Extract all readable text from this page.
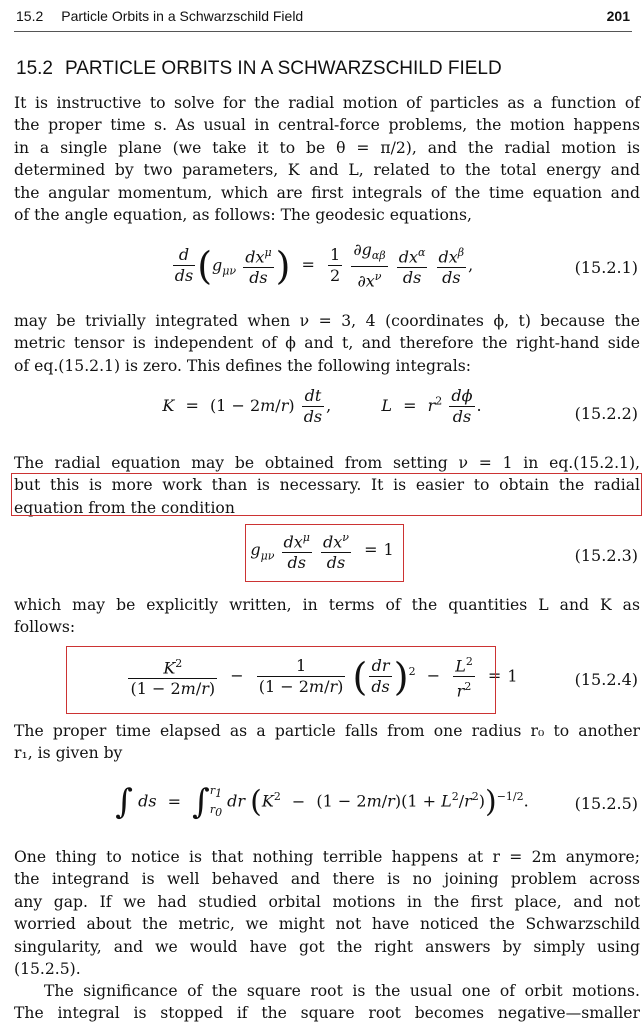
15.2 Particle Orbits in a Schwarzschild Field	201
15.2 PARTICLE ORBITS IN A SCHWARZSCHILD FIELD
It is instructive to solve for the radial motion of particles as a function of
the proper time s. As usual in central-force problems, the motion happens
in a single plane (we take it to be θ = π/2), and the radial motion is
determined by two parameters, K and L, related to the total energy and
the angular momentum, which are first integrals of the time equation and
of the angle equation, as follows: The geodesic equations,
$\frac{d}{ds} (g_{\mu\nu} \frac{dx^\mu}{ds}$ ) = $\frac{1}{2}$
$\frac{\partial g_{\alpha\beta}}{\partial x^\nu}$
$\frac{dx^\alpha}{ds}$
$\frac{dx^\beta}{ds}$ ,	(15.2.1)
may be trivially integrated when ν = 3, 4 (coordinates ϕ, t) because the
metric tensor is independent of ϕ and t, and therefore the right-hand side
of eq.(15.2.1) is zero. This defines the following integrals:
$K = (1 - 2m/r) \frac{dt}{ds}$ ,	$L = r^2 \frac{d\phi}{ds}$ .	(15.2.2)
The radial equation may be obtained from setting ν = 1 in eq.(15.2.1),
but this is more work than is necessary. It is easier to obtain the radial
equation from the condition
$g_{\mu\nu} \frac{dx^\mu}{ds}$
$\frac{dx^\nu}{ds} = 1$	(15.2.3)
which may be explicitly written, in terms of the quantities L and K as
follows:
$\frac{K^2}{(1 - 2m/r)} - \frac{1}{(1 - 2m/r)}$ ( $\frac{dr}{ds} )^2 - \frac{L^2}{r^2} = 1$	(15.2.4)
The proper time elapsed as a particle falls from one radius r₀ to another
r₁, is given by
∫ ds = ∫ r1
r0
dr $(K^2 - (1 - 2m/r)(1 + L^2/r^2))^{-1/2}$.	(15.2.5)
One thing to notice is that nothing terrible happens at r = 2m anymore;
the integrand is well behaved and there is no joining problem across
any gap. If we had studied orbital motions in the first place, and not
worried about the metric, we might not have noticed the Schwarzschild
singularity, and we would have got the right answers by simply using
(15.2.5).
The significance of the square root is the usual one of orbit motions.
The integral is stopped if the square root becomes negative—smaller
